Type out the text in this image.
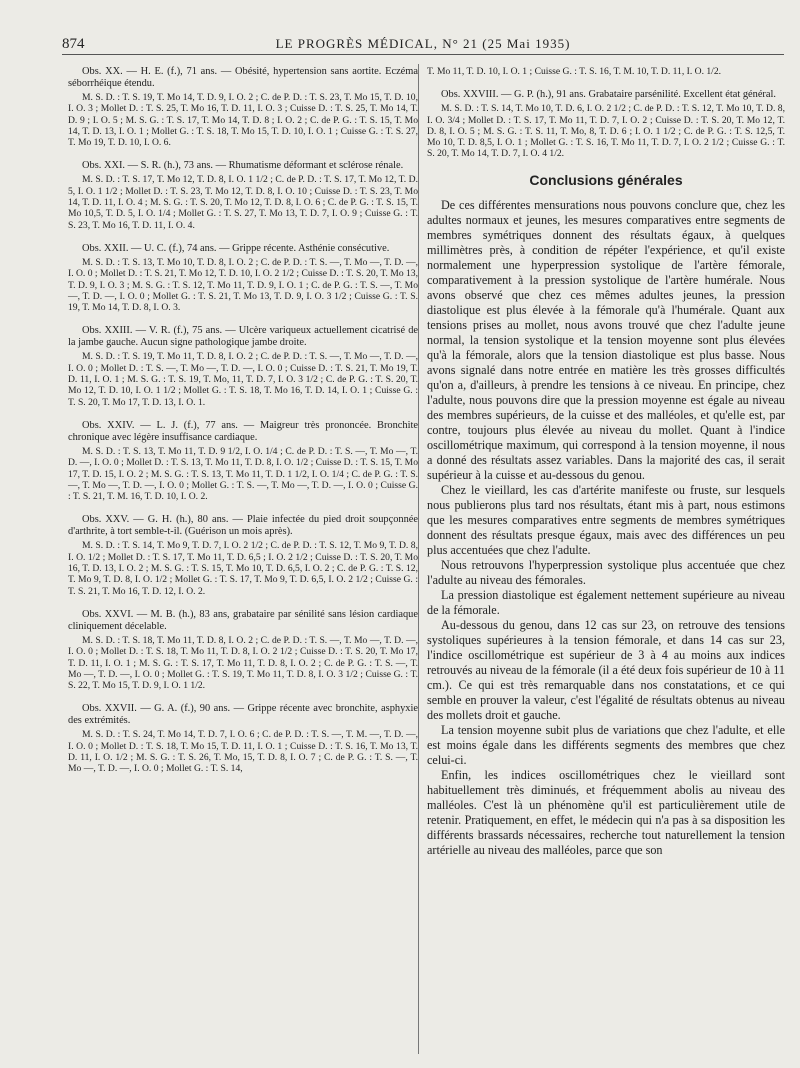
874	LE PROGRÈS MÉDICAL, N° 21 (25 Mai 1935)

Obs. XX. — H. E. (f.), 71 ans. — Obésité, hypertension sans aortite. Eczéma séborrhéique étendu.

M. S. D. : T. S. 19, T. Mo 14, T. D. 9, I. O. 2 ; C. de P. D. : T. S. 23, T. Mo 15, T. D. 10, I. O. 3 ; Mollet D. : T. S. 25, T. Mo 16, T. D. 11, I. O. 3 ; Cuisse D. : T. S. 25, T. Mo 14, T. D. 9 ; I. O. 5 ; M. S. G. : T. S. 17, T. Mo 14, T. D. 8 ; I. O. 2 ; C. de P. G. : T. S. 15, T. Mo 14, T. D. 13, I. O. 1 ; Mollet G. : T. S. 18, T. Mo 15, T. D. 10, I. O. 1 ; Cuisse G. : T. S. 27, T. Mo 19, T. D. 10, I. O. 6.

Obs. XXI. — S. R. (h.), 73 ans. — Rhumatisme déformant et sclérose rénale.

M. S. D. : T. S. 17, T. Mo 12, T. D. 8, I. O. 1 1/2 ; C. de P. D. : T. S. 17, T. Mo 12, T. D. 5, I. O. 1 1/2 ; Mollet D. : T. S. 23, T. Mo 12, T. D. 8, I. O. 10 ; Cuisse D. : T. S. 23, T. Mo 14, T. D. 11, I. O. 4 ; M. S. G. : T. S. 20, T. Mo 12, T. D. 8, I. O. 6 ; C. de P. G. : T. S. 15, T. Mo 10,5, T. D. 5, I. O. 1/4 ; Mollet G. : T. S. 27, T. Mo 13, T. D. 7, I. O. 9 ; Cuisse G. : T. S. 23, T. Mo 16, T. D. 11, I. O. 4.

Obs. XXII. — U. C. (f.), 74 ans. — Grippe récente. Asthénie consécutive.

M. S. D. : T. S. 13, T. Mo 10, T. D. 8, I. O. 2 ; C. de P. D. : T. S. —, T. Mo —, T. D. —, I. O. 0 ; Mollet D. : T. S. 21, T. Mo 12, T. D. 10, I. O. 2 1/2 ; Cuisse D. : T. S. 20, T. Mo 13, T. D. 9, I. O. 3 ; M. S. G. : T. S. 12, T. Mo 11, T. D. 9, I. O. 1 ; C. de P. G. : T. S. —, T. Mo —, T. D. —, I. O. 0 ; Mollet G. : T. S. 21, T. Mo 13, T. D. 9, I. O. 3 1/2 ; Cuisse G. : T. S. 19, T. Mo 14, T. D. 8, I. O. 3.

Obs. XXIII. — V. R. (f.), 75 ans. — Ulcère variqueux actuellement cicatrisé de la jambe gauche. Aucun signe pathologique jambe droite.

M. S. D. : T. S. 19, T. Mo 11, T. D. 8, I. O. 2 ; C. de P. D. : T. S. —, T. Mo —, T. D. —, I. O. 0 ; Mollet D. : T. S. —, T. Mo —, T. D. —, I. O. 0 ; Cuisse D. : T. S. 21, T. Mo 19, T. D. 11, I. O. 1 ; M. S. G. : T. S. 19, T. Mo, 11, T. D. 7, I. O. 3 1/2 ; C. de P. G. : T. S. 20, T. Mo 12, T. D. 10, I. O. 1 1/2 ; Mollet G. : T. S. 18, T. Mo 16, T. D. 14, I. O. 1 ; Cuisse G. : T. S. 20, T. Mo 17, T. D. 13, I. O. 1.

Obs. XXIV. — L. J. (f.), 77 ans. — Maigreur très prononcée. Bronchite chronique avec légère insuffisance cardiaque.

M. S. D. : T. S. 13, T. Mo 11, T. D. 9 1/2, I. O. 1/4 ; C. de P. D. : T. S. —, T. Mo —, T. D. —, I. O. 0 ; Mollet D. : T. S. 13, T. Mo 11, T. D. 8, I. O. 1/2 ; Cuisse D. : T. S. 15, T. Mo 17, T. D. 15, I. O. 2 ; M. S. G. : T. S. 13, T. Mo 11, T. D. 1 1/2, I. O. 1/4 ; C. de P. G. : T. S. —, T. Mo —, T. D. —, I. O. 0 ; Mollet G. : T. S. —, T. Mo —, T. D. —, I. O. 0 ; Cuisse G. : T. S. 21, T. M. 16, T. D. 10, I. O. 2.

Obs. XXV. — G. H. (h.), 80 ans. — Plaie infectée du pied droit soupçonnée d'arthrite, à tort semble-t-il. (Guérison un mois après).

M. S. D. : T. S. 14, T. Mo 9, T. D. 7, I. O. 2 1/2 ; C. de P. D. : T. S. 12, T. Mo 9, T. D. 8, I. O. 1/2 ; Mollet D. : T. S. 17, T. Mo 11, T. D. 6,5 ; I. O. 2 1/2 ; Cuisse D. : T. S. 20, T. Mo 16, T. D. 13, I. O. 2 ; M. S. G. : T. S. 15, T. Mo 10, T. D. 6,5, I. O. 2 ; C. de P. G. : T. S. 12, T. Mo 9, T. D. 8, I. O. 1/2 ; Mollet G. : T. S. 17, T. Mo 9, T. D. 6,5, I. O. 2 1/2 ; Cuisse G. : T. S. 21, T. Mo 16, T. D. 12, I. O. 2.

Obs. XXVI. — M. B. (h.), 83 ans, grabataire par sénilité sans lésion cardiaque cliniquement décelable.

M. S. D. : T. S. 18, T. Mo 11, T. D. 8, I. O. 2 ; C. de P. D. : T. S. —, T. Mo —, T. D. —, I. O. 0 ; Mollet D. : T. S. 18, T. Mo 11, T. D. 8, I. O. 2 1/2 ; Cuisse D. : T. S. 20, T. Mo 17, T. D. 11, I. O. 1 ; M. S. G. : T. S. 17, T. Mo 11, T. D. 8, I. O. 2 ; C. de P. G. : T. S. —, T. Mo —, T. D. —, I. O. 0 ; Mollet G. : T. S. 19, T. Mo 11, T. D. 8, I. O. 3 1/2 ; Cuisse G. : T. S. 22, T. Mo 15, T. D. 9, I. O. 1 1/2.

Obs. XXVII. — G. A. (f.), 90 ans. — Grippe récente avec bronchite, asphyxie des extrémités.

M. S. D. : T. S. 24, T. Mo 14, T. D. 7, I. O. 6 ; C. de P. D. : T. S. —, T. M. —, T. D. —, I. O. 0 ; Mollet D. : T. S. 18, T. Mo 15, T. D. 11, I. O. 1 ; Cuisse D. : T. S. 16, T. Mo 13, T. D. 11, I. O. 1/2 ; M. S. G. : T. S. 26, T. Mo, 15, T. D. 8, I. O. 7 ; C. de P. G. : T. S. —, T. Mo —, T. D. —, I. O. 0 ; Mollet G. : T. S. 14,

T. Mo 11, T. D. 10, I. O. 1 ; Cuisse G. : T. S. 16, T. M. 10, T. D. 11, I. O. 1/2.

Obs. XXVIII. — G. P. (h.), 91 ans. Grabataire parsénilité. Excellent état général.

M. S. D. : T. S. 14, T. Mo 10, T. D. 6, I. O. 2 1/2 ; C. de P. D. : T. S. 12, T. Mo 10, T. D. 8, I. O. 3/4 ; Mollet D. : T. S. 17, T. Mo 11, T. D. 7, I. O. 2 ; Cuisse D. : T. S. 20, T. Mo 12, T. D. 8, I. O. 5 ; M. S. G. : T. S. 11, T. Mo, 8, T. D. 6 ; I. O. 1 1/2 ; C. de P. G. : T. S. 12,5, T. Mo 10, T. D. 8,5, I. O. 1 ; Mollet G. : T. S. 16, T. Mo 11, T. D. 7, I. O. 2 1/2 ; Cuisse G. : T. S. 20, T. Mo 14, T. D. 7, I. O. 4 1/2.

Conclusions générales

De ces différentes mensurations nous pouvons conclure que, chez les adultes normaux et jeunes, les mesures comparatives entre segments de membres symétriques donnent des résultats égaux, à quelques millimètres près, à condition de répéter l'expérience, et qu'il existe normalement une hyperpression systolique de l'artère fémorale, comparativement à la pression systolique de l'artère humérale. Nous avons observé que chez ces mêmes adultes jeunes, la pression diastolique est plus élevée à la fémorale qu'à l'humérale. Quant aux tensions prises au mollet, nous avons trouvé que chez l'adulte jeune normal, la tension systolique et la tension moyenne sont plus élevées qu'à la fémorale, alors que la tension diastolique est plus basse. Nous avons signalé dans notre entrée en matière les très grosses difficultés qu'on a, d'ailleurs, à prendre les tensions à ce niveau. En principe, chez l'adulte, nous pouvons dire que la pression moyenne est égale au niveau des membres supérieurs, de la cuisse et des malléoles, et qu'elle est, par contre, toujours plus élevée au niveau du mollet. Quant à l'indice oscillométrique maximum, qui correspond à la tension moyenne, il nous a donné des résultats assez variables. Dans la majorité des cas, il serait supérieur à la cuisse et au-dessous du genou.

Chez le vieillard, les cas d'artérite manifeste ou fruste, sur lesquels nous publierons plus tard nos résultats, étant mis à part, nous estimons que les mesures comparatives entre segments de membres symétriques donnent des résultats presque égaux, mais avec des différences un peu plus accentuées que chez l'adulte.

Nous retrouvons l'hyperpression systolique plus accentuée que chez l'adulte au niveau des fémorales.

La pression diastolique est également nettement supérieure au niveau de la fémorale.

Au-dessous du genou, dans 12 cas sur 23, on retrouve des tensions systoliques supérieures à la tension fémorale, et dans 14 cas sur 23, l'indice oscillométrique est supérieur de 3 à 4 au moins aux indices retrouvés au niveau de la fémorale (il a été deux fois supérieur de 10 à 11 cm.). Ce qui est très remarquable dans nos constatations, et ce qui semble en prouver la valeur, c'est l'égalité de résultats obtenus au niveau des mollets droit et gauche.

La tension moyenne subit plus de variations que chez l'adulte, et elle est moins égale dans les différents segments des membres que chez celui-ci.

Enfin, les indices oscillométriques chez le vieillard sont habituellement très diminués, et fréquemment abolis au niveau des malléoles. C'est là un phénomène qu'il est particulièrement utile de retenir. Pratiquement, en effet, le médecin qui n'a pas à sa disposition les différents brassards nécessaires, recherche tout naturellement la tension artérielle au niveau des malléoles, parce que son
